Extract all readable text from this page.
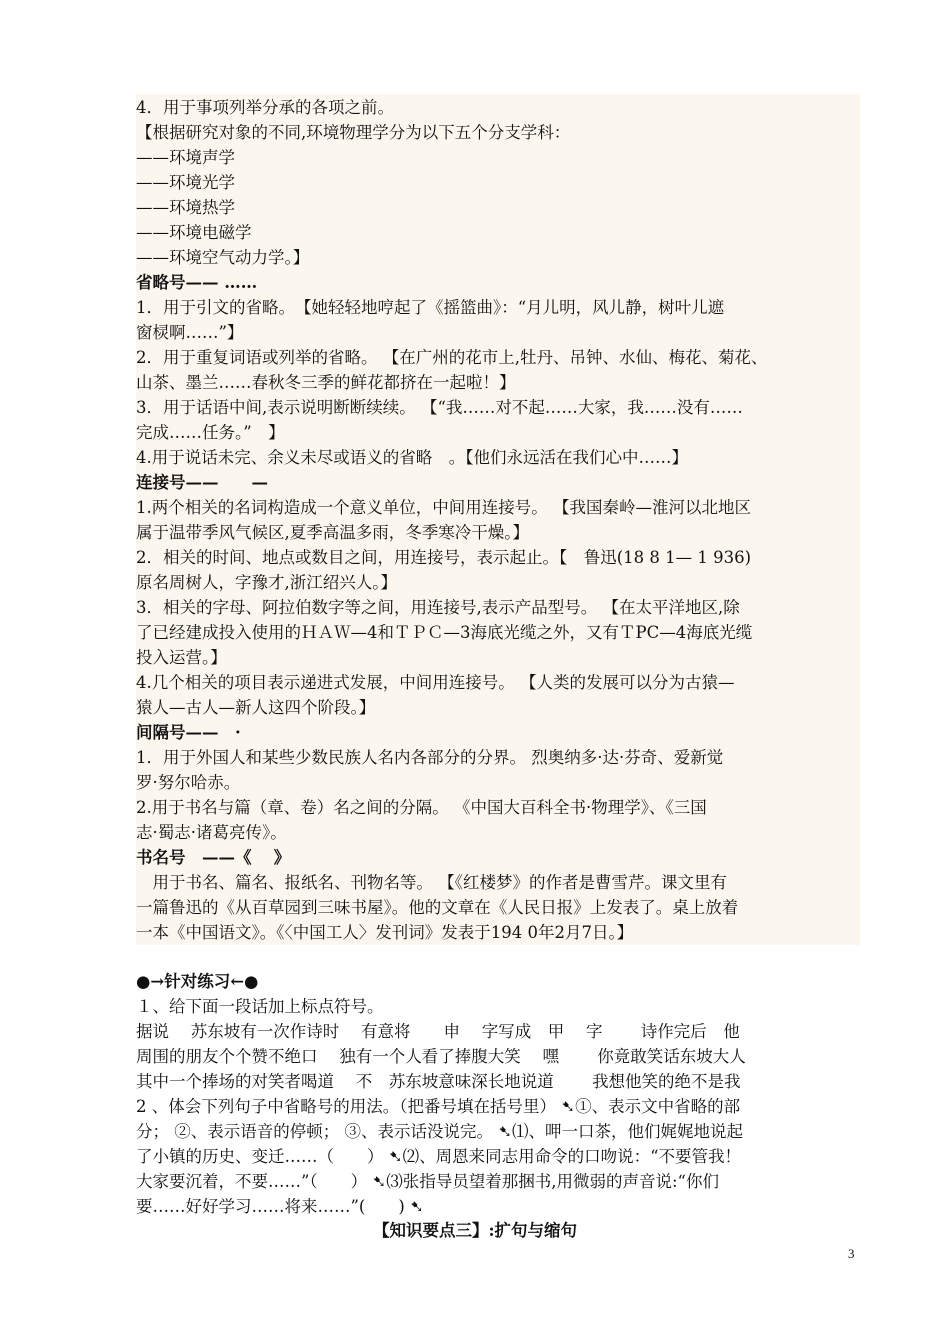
4．用于事项列举分承的各项之前。
【根据研究对象的不同,环境物理学分为以下五个分支学科：
——环境声学
——环境光学
——环境热学
——环境电磁学
——环境空气动力学。】
省略号—— ……
1．用于引文的省略。　【她轻轻地哼起了《摇篮曲》：“月儿明，风儿静，树叶儿遮
窗棂啊……”】
2．用于重复词语或列举的省略。 【在广州的花市上,牡丹、吊钟、水仙、梅花、菊花、
山茶、墨兰……春秋冬三季的鲜花都挤在一起啦！】
3．用于话语中间,表示说明断断续续。 【“我……对不起……大家，我……没有……
完成……任务。”　】
4.用于说话未完、余义未尽或语义的省略　。【他们永远活在我们心中……】
连接号——　　—
1.两个相关的名词构造成一个意义单位，中间用连接号。 【我国秦岭—淮河以北地区
属于温带季风气候区,夏季高温多雨，冬季寒冷干燥。】
2．相关的时间、地点或数目之间，用连接号，表示起止。【　鲁迅(18 8 1— 1 936)
原名周树人，字豫才,浙江绍兴人。】
3．相关的字母、阿拉伯数字等之间，用连接号,表示产品型号。 【在太平洋地区,除
了已经建成投入使用的ＨＡＷ—4和ＴＰＣ—3海底光缆之外，又有ＴPC—4海底光缆
投入运营。】
4.几个相关的项目表示递进式发展，中间用连接号。 【人类的发展可以分为古猿—
猿人—古人—新人这四个阶段。】
间隔号——　·
1．用于外国人和某些少数民族人名内各部分的分界。 烈奥纳多·达·芬奇、爱新觉
罗·努尔哈赤。
2.用于书名与篇（章、卷）名之间的分隔。 《中国大百科全书·物理学》、《三国
志·蜀志·诸葛亮传》。
书名号　——《　 》
　用于书名、篇名、报纸名、刊物名等。 【《红楼梦》的作者是曹雪芹。课文里有
一篇鲁迅的《从百草园到三味书屋》。他的文章在《人民日报》上发表了。桌上放着
一本《中国语文》。《〈中国工人〉发刊词》发表于194 0年2月7日。】
●→针对练习←●
１、给下面一段话加上标点符号。
据说　 苏东坡有一次作诗时　 有意将　　申　 字写成　甲　 字　　 诗作完后　他
周围的朋友个个赞不绝口　 独有一个人看了捧腹大笑　 嘿　　 你竟敢笑话东坡大人
其中一个捧场的对笑者喝道　 不　苏东坡意味深长地说道　　 我想他笑的绝不是我
2 、体会下列句子中省略号的用法。（把番号填在括号里） ➷①、表示文中省略的部
分； ②、表示语音的停顿； ③、表示话没说完。 ➷⑴、呷一口茶，他们娓娓地说起
了小镇的历史、变迁……（　　） ➷⑵、周恩来同志用命令的口吻说：“不要管我！
大家要沉着，不要……”（　　） ➷⑶张指导员望着那捆书,用微弱的声音说:“你们
要……好好学习……将来……”(　　) ➷
【知识要点三】:扩句与缩句
3
